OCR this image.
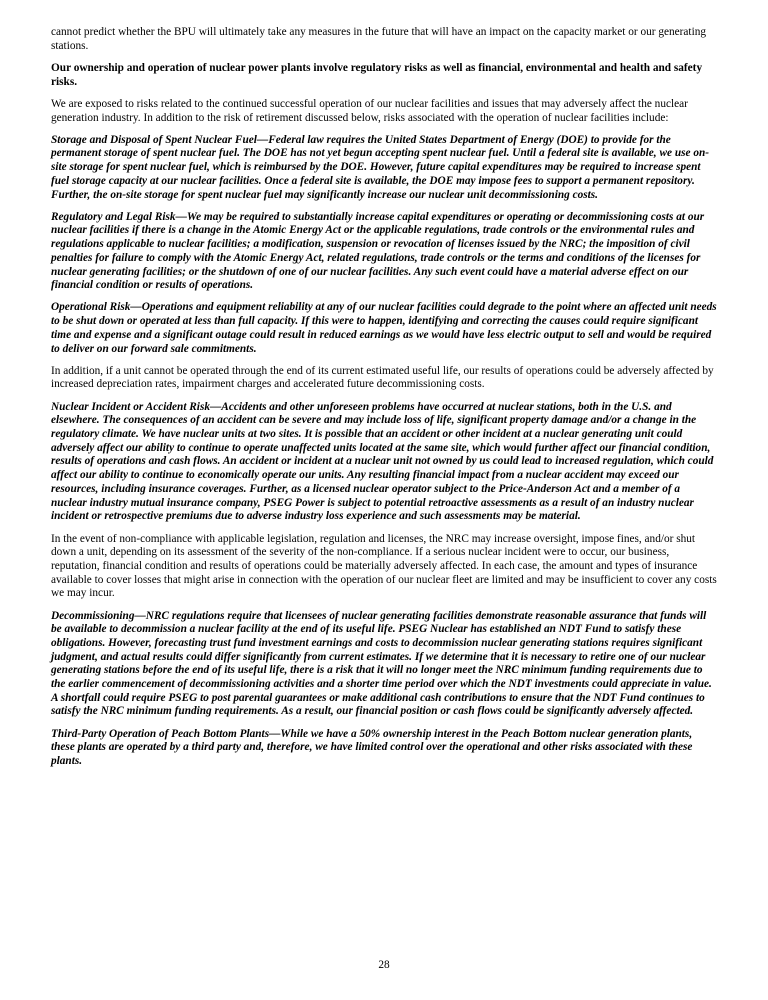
cannot predict whether the BPU will ultimately take any measures in the future that will have an impact on the capacity market or our generating stations.

Our ownership and operation of nuclear power plants involve regulatory risks as well as financial, environmental and health and safety risks.

We are exposed to risks related to the continued successful operation of our nuclear facilities and issues that may adversely affect the nuclear generation industry. In addition to the risk of retirement discussed below, risks associated with the operation of nuclear facilities include:

Storage and Disposal of Spent Nuclear Fuel—Federal law requires the United States Department of Energy (DOE) to provide for the permanent storage of spent nuclear fuel. The DOE has not yet begun accepting spent nuclear fuel. Until a federal site is available, we use on-site storage for spent nuclear fuel, which is reimbursed by the DOE. However, future capital expenditures may be required to increase spent fuel storage capacity at our nuclear facilities. Once a federal site is available, the DOE may impose fees to support a permanent repository. Further, the on-site storage for spent nuclear fuel may significantly increase our nuclear unit decommissioning costs.

Regulatory and Legal Risk—We may be required to substantially increase capital expenditures or operating or decommissioning costs at our nuclear facilities if there is a change in the Atomic Energy Act or the applicable regulations, trade controls or the environmental rules and regulations applicable to nuclear facilities; a modification, suspension or revocation of licenses issued by the NRC; the imposition of civil penalties for failure to comply with the Atomic Energy Act, related regulations, trade controls or the terms and conditions of the licenses for nuclear generating facilities; or the shutdown of one of our nuclear facilities. Any such event could have a material adverse effect on our financial condition or results of operations.

Operational Risk—Operations and equipment reliability at any of our nuclear facilities could degrade to the point where an affected unit needs to be shut down or operated at less than full capacity. If this were to happen, identifying and correcting the causes could require significant time and expense and a significant outage could result in reduced earnings as we would have less electric output to sell and would be required to deliver on our forward sale commitments.

In addition, if a unit cannot be operated through the end of its current estimated useful life, our results of operations could be adversely affected by increased depreciation rates, impairment charges and accelerated future decommissioning costs.

Nuclear Incident or Accident Risk—Accidents and other unforeseen problems have occurred at nuclear stations, both in the U.S. and elsewhere. The consequences of an accident can be severe and may include loss of life, significant property damage and/or a change in the regulatory climate. We have nuclear units at two sites. It is possible that an accident or other incident at a nuclear generating unit could adversely affect our ability to continue to operate unaffected units located at the same site, which would further affect our financial condition, results of operations and cash flows. An accident or incident at a nuclear unit not owned by us could lead to increased regulation, which could affect our ability to continue to economically operate our units. Any resulting financial impact from a nuclear accident may exceed our resources, including insurance coverages. Further, as a licensed nuclear operator subject to the Price-Anderson Act and a member of a nuclear industry mutual insurance company, PSEG Power is subject to potential retroactive assessments as a result of an industry nuclear incident or retrospective premiums due to adverse industry loss experience and such assessments may be material.

In the event of non-compliance with applicable legislation, regulation and licenses, the NRC may increase oversight, impose fines, and/or shut down a unit, depending on its assessment of the severity of the non-compliance. If a serious nuclear incident were to occur, our business, reputation, financial condition and results of operations could be materially adversely affected. In each case, the amount and types of insurance available to cover losses that might arise in connection with the operation of our nuclear fleet are limited and may be insufficient to cover any costs we may incur.

Decommissioning—NRC regulations require that licensees of nuclear generating facilities demonstrate reasonable assurance that funds will be available to decommission a nuclear facility at the end of its useful life. PSEG Nuclear has established an NDT Fund to satisfy these obligations. However, forecasting trust fund investment earnings and costs to decommission nuclear generating stations requires significant judgment, and actual results could differ significantly from current estimates. If we determine that it is necessary to retire one of our nuclear generating stations before the end of its useful life, there is a risk that it will no longer meet the NRC minimum funding requirements due to the earlier commencement of decommissioning activities and a shorter time period over which the NDT investments could appreciate in value. A shortfall could require PSEG to post parental guarantees or make additional cash contributions to ensure that the NDT Fund continues to satisfy the NRC minimum funding requirements. As a result, our financial position or cash flows could be significantly adversely affected.

Third-Party Operation of Peach Bottom Plants—While we have a 50% ownership interest in the Peach Bottom nuclear generation plants, these plants are operated by a third party and, therefore, we have limited control over the operational and other risks associated with these plants.

28
